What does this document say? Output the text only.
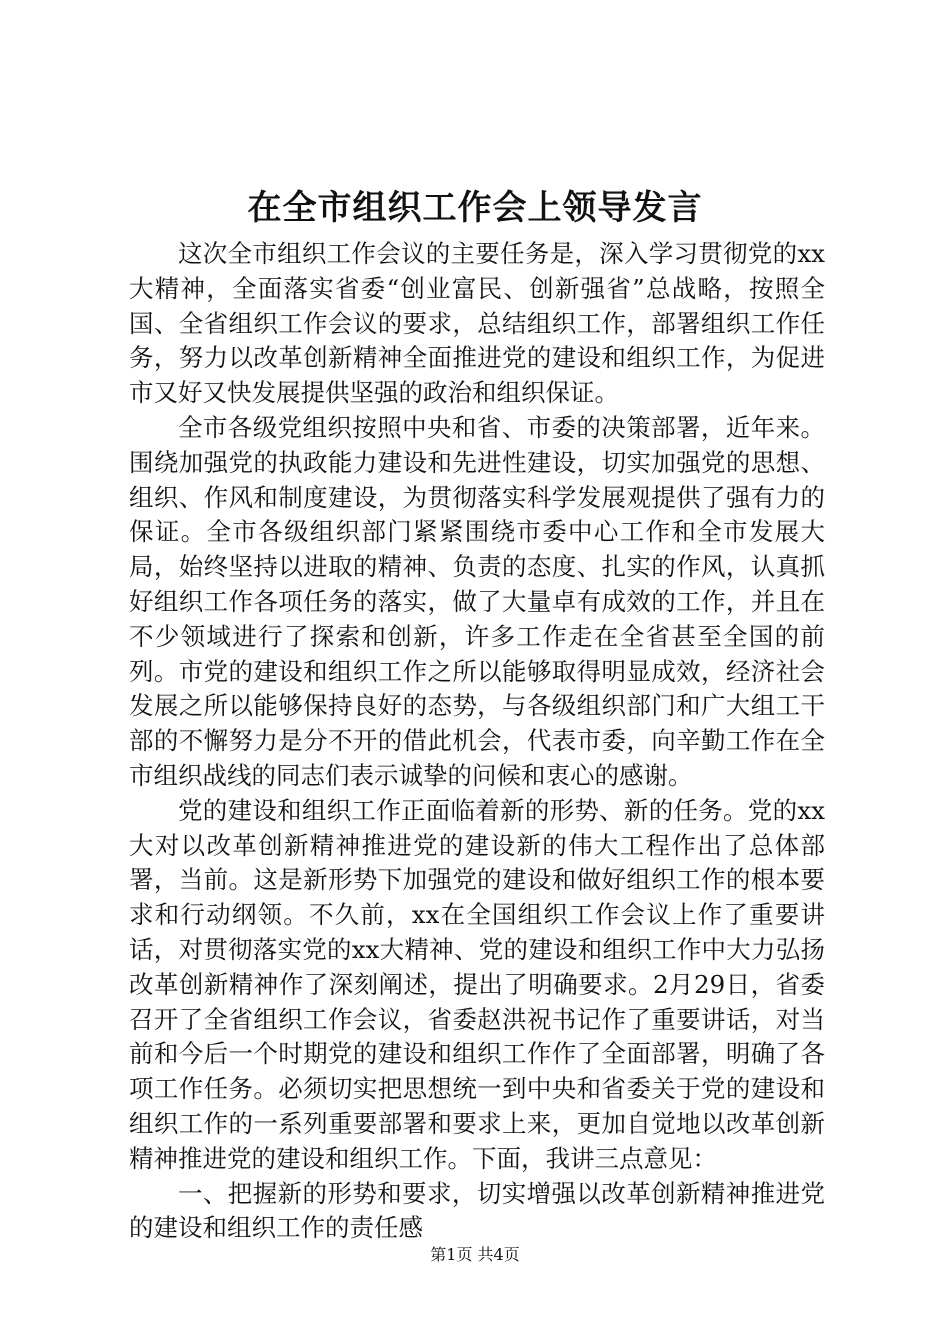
在全市组织工作会上领导发言

这次全市组织工作会议的主要任务是，深入学习贯彻党的xx大精神，全面落实省委“创业富民、创新强省”总战略，按照全国、全省组织工作会议的要求，总结组织工作，部署组织工作任务，努力以改革创新精神全面推进党的建设和组织工作，为促进市又好又快发展提供坚强的政治和组织保证。

全市各级党组织按照中央和省、市委的决策部署，近年来。围绕加强党的执政能力建设和先进性建设，切实加强党的思想、组织、作风和制度建设，为贯彻落实科学发展观提供了强有力的保证。全市各级组织部门紧紧围绕市委中心工作和全市发展大局，始终坚持以进取的精神、负责的态度、扎实的作风，认真抓好组织工作各项任务的落实，做了大量卓有成效的工作，并且在不少领域进行了探索和创新，许多工作走在全省甚至全国的前列。市党的建设和组织工作之所以能够取得明显成效，经济社会发展之所以能够保持良好的态势，与各级组织部门和广大组工干部的不懈努力是分不开的借此机会，代表市委，向辛勤工作在全市组织战线的同志们表示诚挚的问候和衷心的感谢。

党的建设和组织工作正面临着新的形势、新的任务。党的xx大对以改革创新精神推进党的建设新的伟大工程作出了总体部署，当前。这是新形势下加强党的建设和做好组织工作的根本要求和行动纲领。不久前，xx在全国组织工作会议上作了重要讲话，对贯彻落实党的xx大精神、党的建设和组织工作中大力弘扬改革创新精神作了深刻阐述，提出了明确要求。2月29日，省委召开了全省组织工作会议，省委赵洪祝书记作了重要讲话，对当前和今后一个时期党的建设和组织工作作了全面部署，明确了各项工作任务。必须切实把思想统一到中央和省委关于党的建设和组织工作的一系列重要部署和要求上来，更加自觉地以改革创新精神推进党的建设和组织工作。下面，我讲三点意见：

一、把握新的形势和要求，切实增强以改革创新精神推进党的建设和组织工作的责任感

第1页 共4页
